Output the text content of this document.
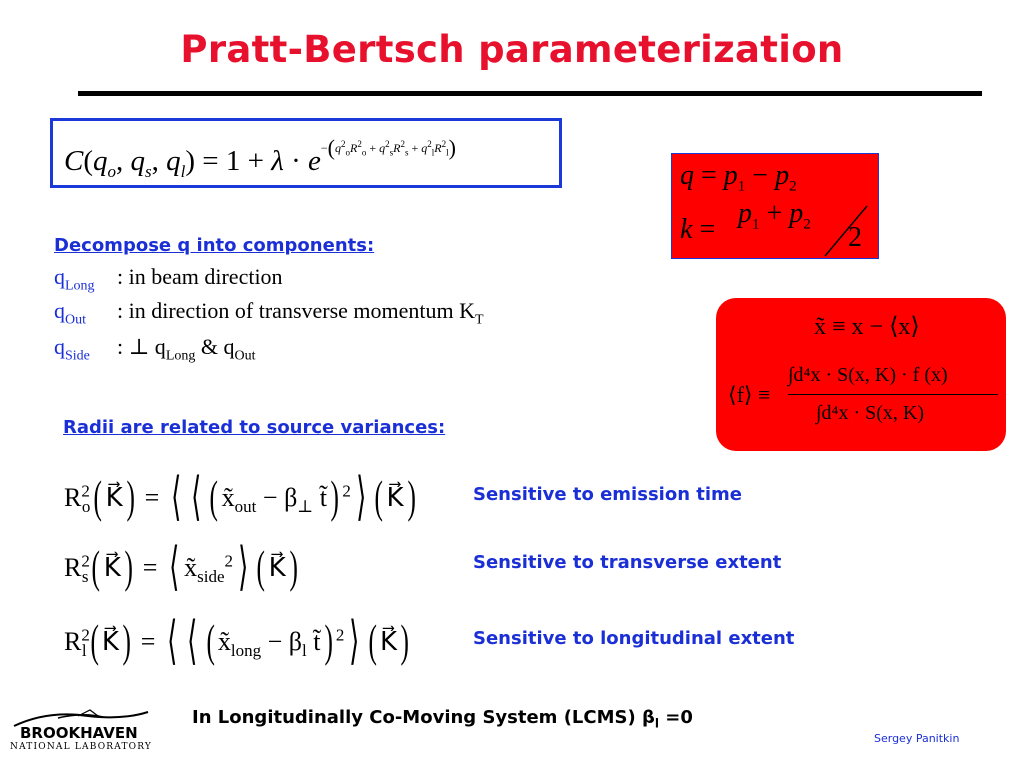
Pratt-Bertsch parameterization
$C(q_o$, $q_s$, $q_l) = 1 + \lambda \cdot e^{-(q^2_oR^2_o + q^2_sR^2_s + q^2_lR^2_l)}$
$q = p_1 - p_2$
k =
$p_1 + p_2$ 2
Decompose q into components:
$q_{Long}$ : in beam direction
$q_{Out}$ : in direction of transverse momentum $K_T$
$q_{Side}$ : ⊥ $q_{Long}$ & $q_{Out}$
x̃ ≡ x − ⟨x⟩
⟨f⟩ ≡
∫d⁴x · S(x, K) · f (x)
∫d⁴x · S(x, K)
Radii are related to source variances:
$R^2_o$( K⃗) = ⟨ ⟨ ( $x̃_{out} - \beta_\perp$ t̃) $^2$⟩ ( K⃗)	Sensitive to emission time
$R^2_s$( K⃗) = ⟨ $x̃_{side}^2⟩$ ( K⃗)	Sensitive to transverse extent
$R^2_l$( K⃗) = ⟨ ⟨ ( $x̃_{long} - \beta_l$ t̃) $^2$⟩ ( K⃗)	Sensitive to longitudinal extent
In Longitudinally Co-Moving System (LCMS) $\beta_l =0$
Sergey Panitkin
BROOKHAVEN
NATIONAL LABORATORY
